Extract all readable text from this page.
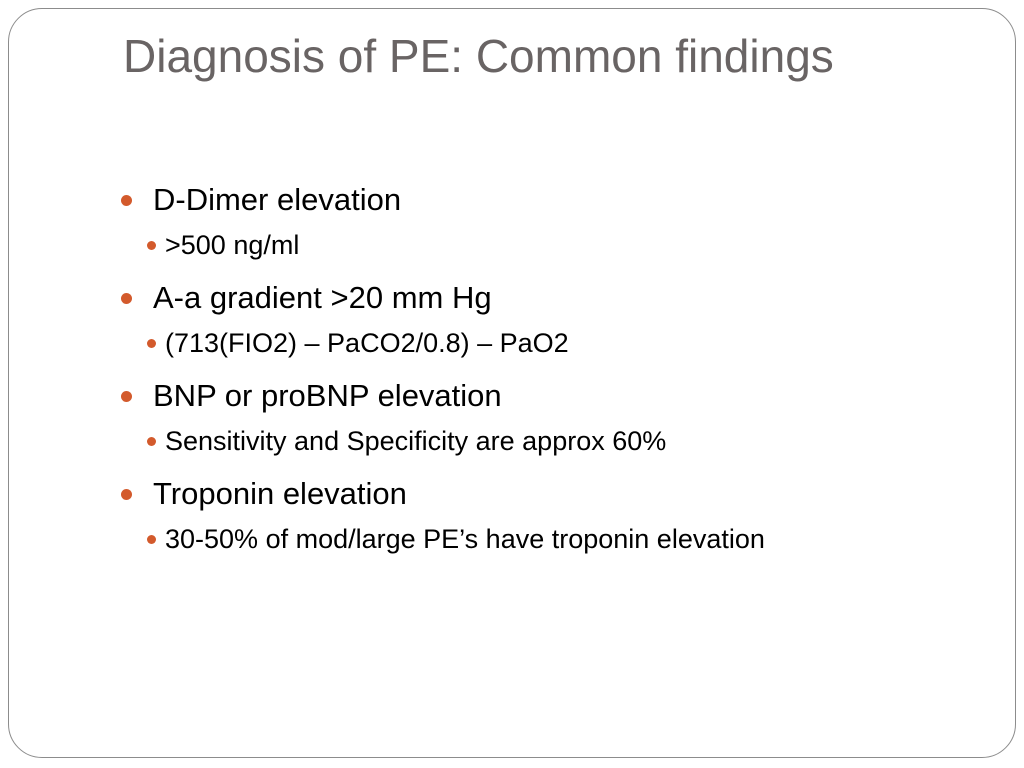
Diagnosis of PE: Common findings
D-Dimer elevation
>500 ng/ml
A-a gradient >20 mm Hg
(713(FIO2) – PaCO2/0.8) – PaO2
BNP or proBNP elevation
Sensitivity and Specificity are approx 60%
Troponin elevation
30-50% of mod/large PE’s have troponin elevation
